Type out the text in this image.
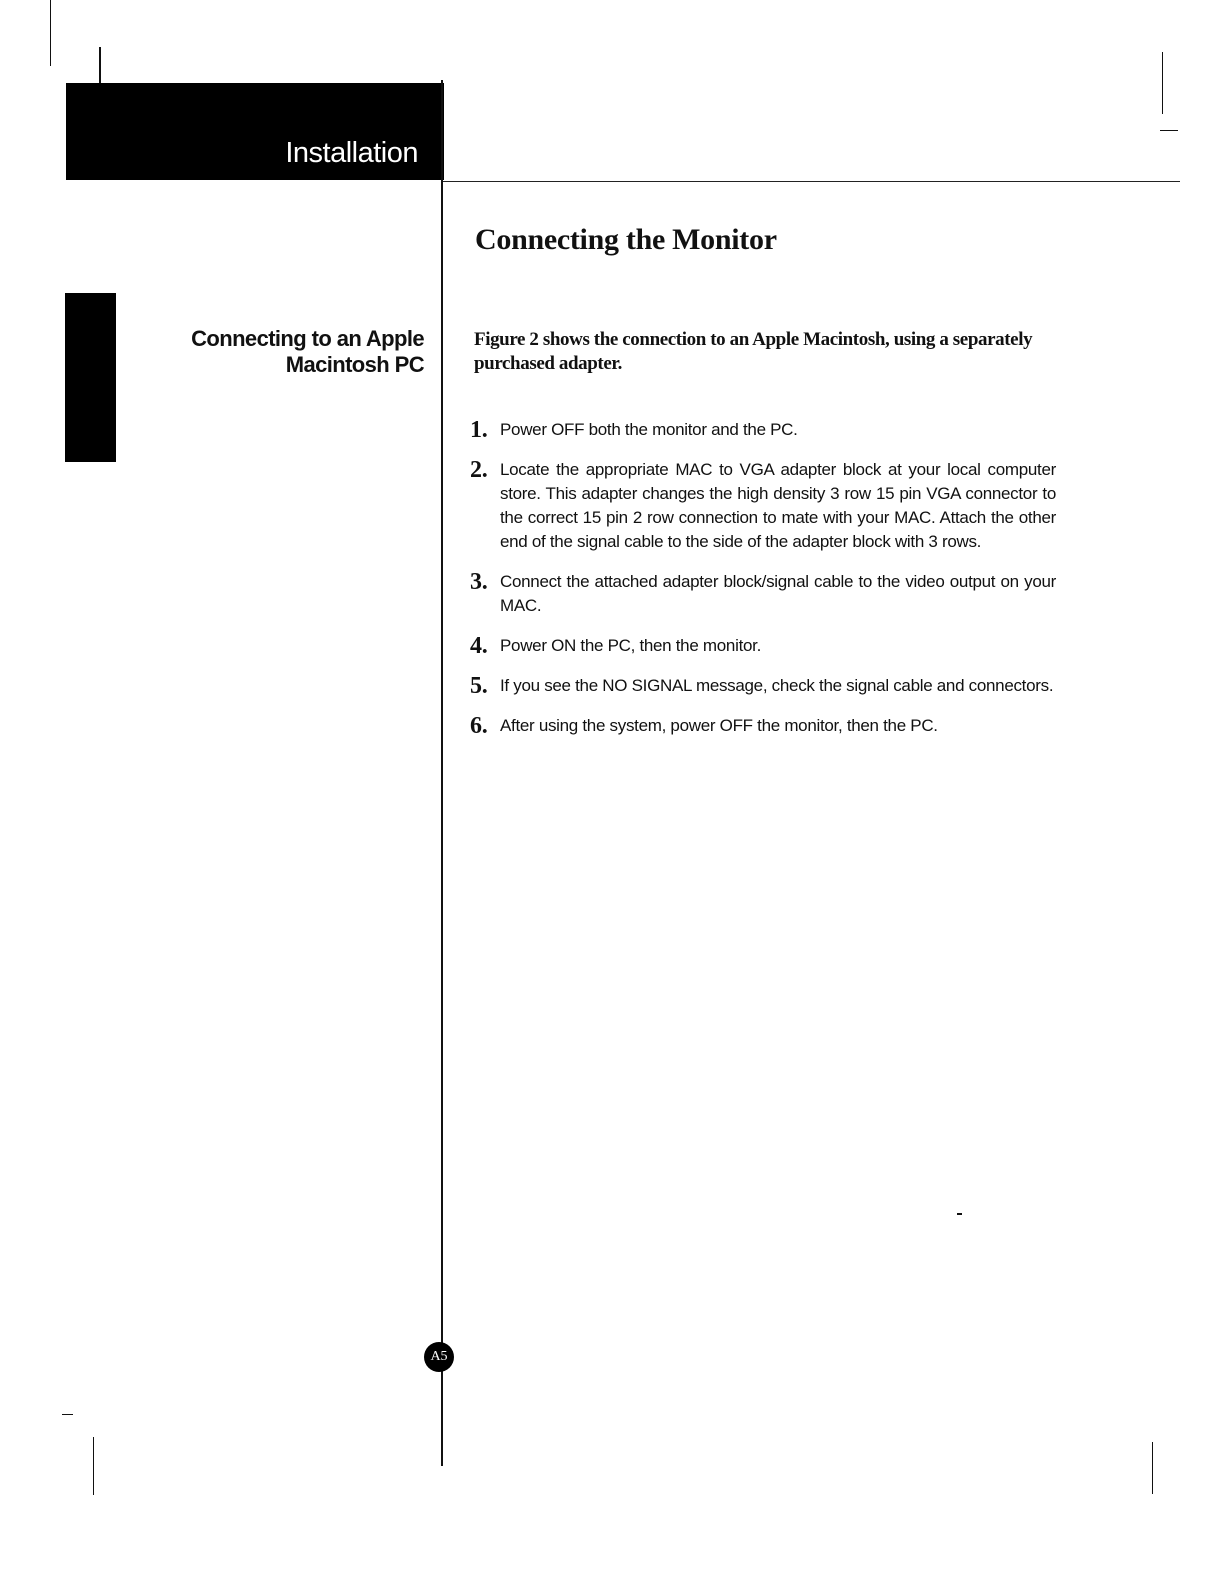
Installation
Connecting to an Apple
Macintosh PC
Connecting the Monitor
Figure 2 shows the connection to an Apple Macintosh, using a separately purchased adapter.
1. Power OFF both the monitor and the PC.
2. Locate the appropriate MAC to VGA adapter block at your local computer store. This adapter changes the high density 3 row 15 pin VGA connector to the correct 15 pin 2 row connection to mate with your MAC. Attach the other end of the signal cable to the side of the adapter block with 3 rows.
3. Connect the attached adapter block/signal cable to the video output on your MAC.
4. Power ON the PC, then the monitor.
5. If you see the NO SIGNAL message, check the signal cable and connectors.
6. After using the system, power OFF the monitor, then the PC.
A5
